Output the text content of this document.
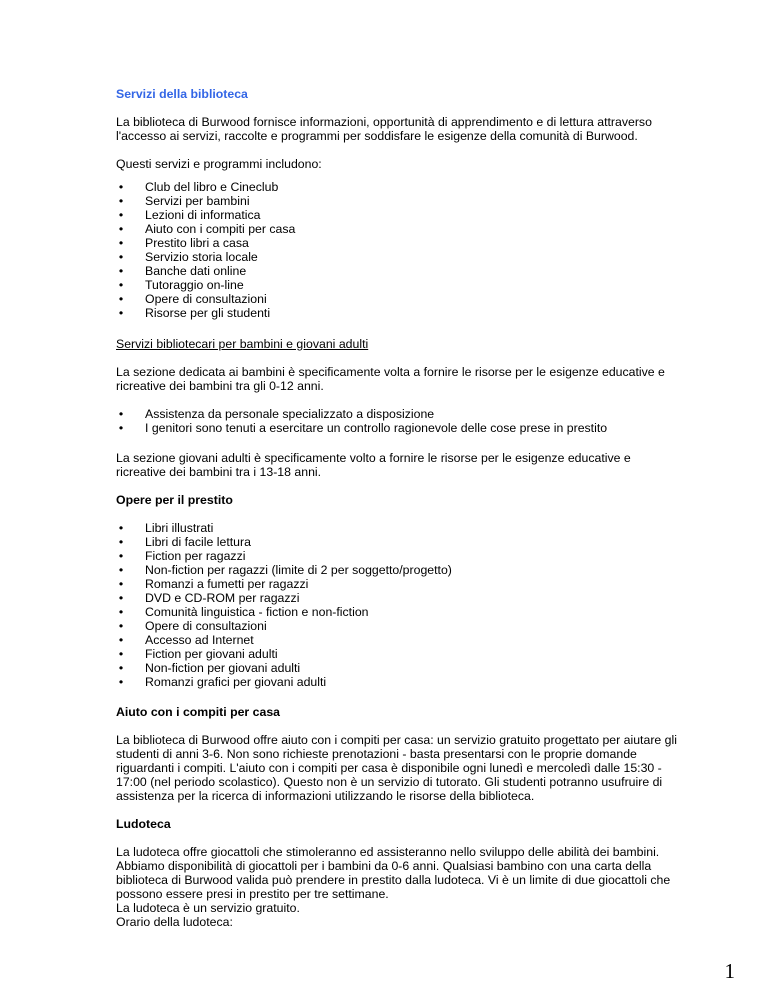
Servizi della biblioteca
La biblioteca di Burwood fornisce informazioni, opportunità di apprendimento e di lettura attraverso
l'accesso ai servizi, raccolte e programmi per soddisfare le esigenze della comunità di Burwood.
Questi servizi e programmi includono:
• Club del libro e Cineclub
• Servizi per bambini
• Lezioni di informatica
• Aiuto con i compiti per casa
• Prestito libri a casa
• Servizio storia locale
• Banche dati online
• Tutoraggio on-line
• Opere di consultazioni
• Risorse per gli studenti
Servizi bibliotecari per bambini e giovani adulti
La sezione dedicata ai bambini è specificamente volta a fornire le risorse per le esigenze educative e
ricreative dei bambini tra gli 0-12 anni.
• Assistenza da personale specializzato a disposizione
• I genitori sono tenuti a esercitare un controllo ragionevole delle cose prese in prestito
La sezione giovani adulti è specificamente volto a fornire le risorse per le esigenze educative e
ricreative dei bambini tra i 13-18 anni.
Opere per il prestito
• Libri illustrati
• Libri di facile lettura
• Fiction per ragazzi
• Non-fiction per ragazzi (limite di 2 per soggetto/progetto)
• Romanzi a fumetti per ragazzi
• DVD e CD-ROM per ragazzi
• Comunità linguistica - fiction e non-fiction
• Opere di consultazioni
• Accesso ad Internet
• Fiction per giovani adulti
• Non-fiction per giovani adulti
• Romanzi grafici per giovani adulti
Aiuto con i compiti per casa
La biblioteca di Burwood offre aiuto con i compiti per casa: un servizio gratuito progettato per aiutare gli
studenti di anni 3-6. Non sono richieste prenotazioni - basta presentarsi con le proprie domande
riguardanti i compiti. L'aiuto con i compiti per casa è disponibile ogni lunedì e mercoledì dalle 15:30 -
17:00 (nel periodo scolastico). Questo non è un servizio di tutorato. Gli studenti potranno usufruire di
assistenza per la ricerca di informazioni utilizzando le risorse della biblioteca.
Ludoteca
La ludoteca offre giocattoli che stimoleranno ed assisteranno nello sviluppo delle abilità dei bambini.
Abbiamo disponibilità di giocattoli per i bambini da 0-6 anni. Qualsiasi bambino con una carta della
biblioteca di Burwood valida può prendere in prestito dalla ludoteca. Vi è un limite di due giocattoli che
possono essere presi in prestito per tre settimane.
La ludoteca è un servizio gratuito.
Orario della ludoteca:
1
